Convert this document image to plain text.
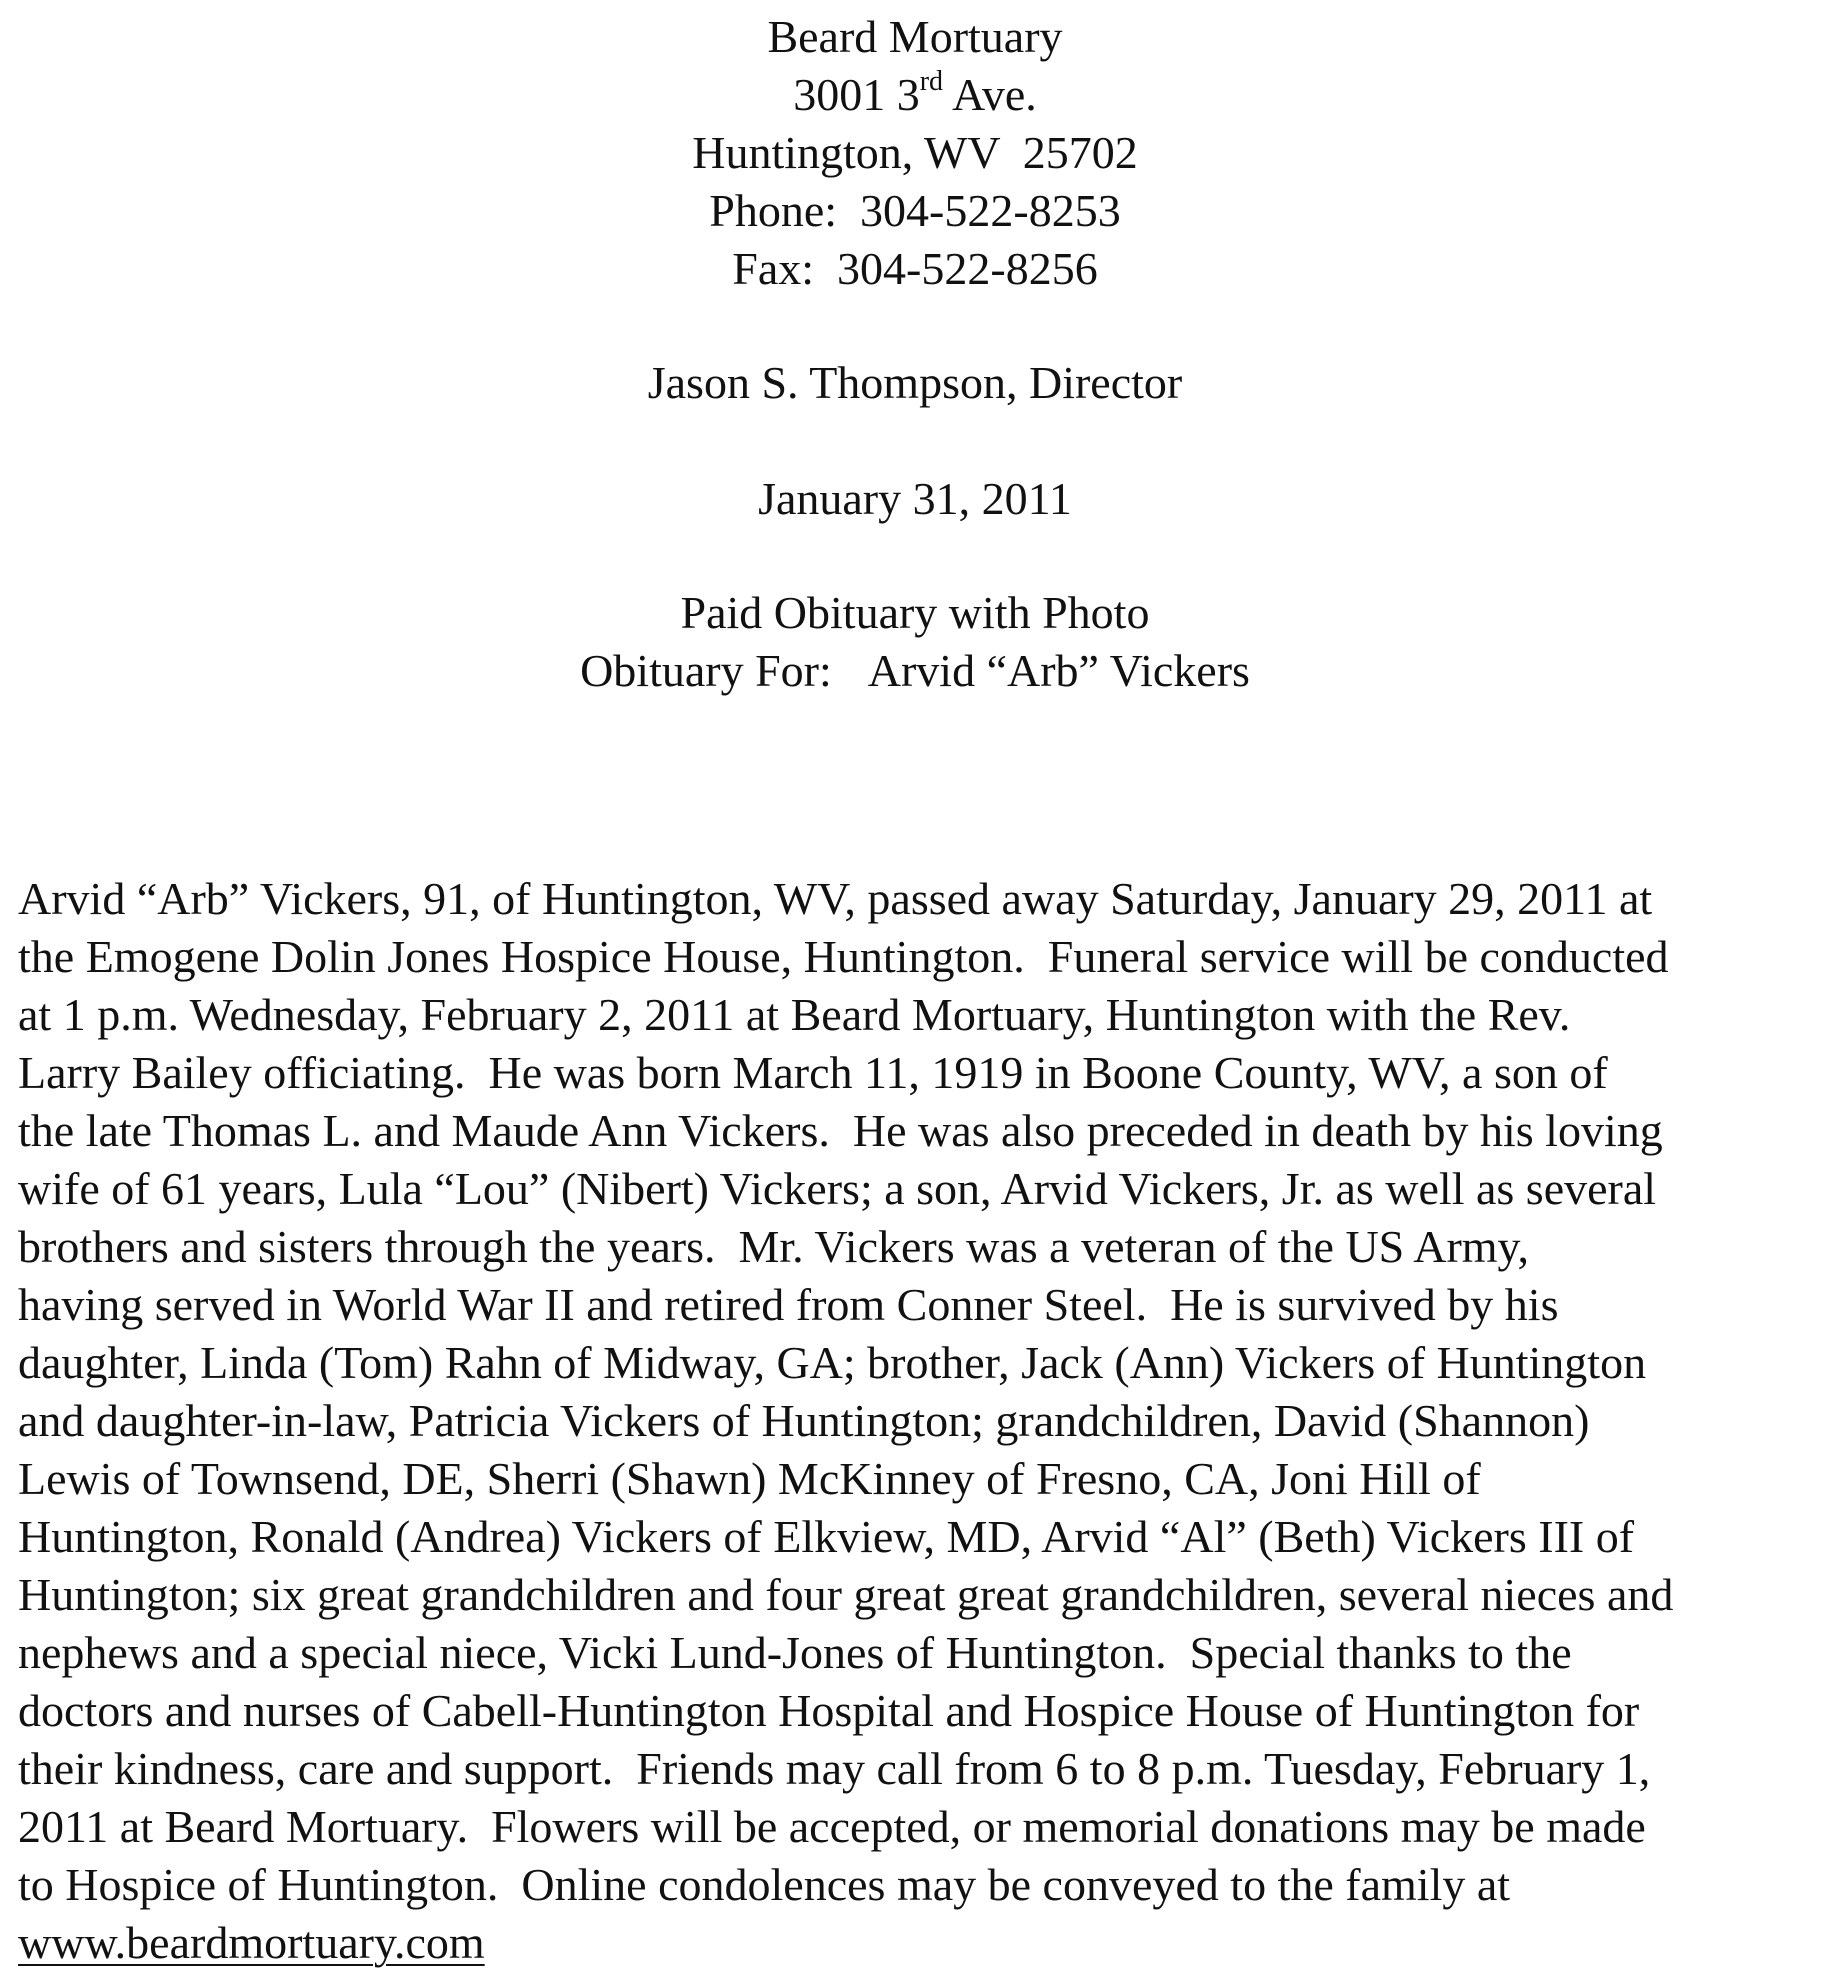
Beard Mortuary
3001 3rd Ave.
Huntington, WV  25702
Phone:  304-522-8253
Fax:  304-522-8256
Jason S. Thompson, Director
January 31, 2011
Paid Obituary with Photo
Obituary For: Arvid “Arb” Vickers
Arvid “Arb” Vickers, 91, of Huntington, WV, passed away Saturday, January 29, 2011 at
the Emogene Dolin Jones Hospice House, Huntington.  Funeral service will be conducted
at 1 p.m. Wednesday, February 2, 2011 at Beard Mortuary, Huntington with the Rev.
Larry Bailey officiating.  He was born March 11, 1919 in Boone County, WV, a son of
the late Thomas L. and Maude Ann Vickers.  He was also preceded in death by his loving
wife of 61 years, Lula “Lou” (Nibert) Vickers; a son, Arvid Vickers, Jr. as well as several
brothers and sisters through the years.  Mr. Vickers was a veteran of the US Army,
having served in World War II and retired from Conner Steel.  He is survived by his
daughter, Linda (Tom) Rahn of Midway, GA; brother, Jack (Ann) Vickers of Huntington
and daughter-in-law, Patricia Vickers of Huntington; grandchildren, David (Shannon)
Lewis of Townsend, DE, Sherri (Shawn) McKinney of Fresno, CA, Joni Hill of
Huntington, Ronald (Andrea) Vickers of Elkview, MD, Arvid “Al” (Beth) Vickers III of
Huntington; six great grandchildren and four great great grandchildren, several nieces and
nephews and a special niece, Vicki Lund-Jones of Huntington.  Special thanks to the
doctors and nurses of Cabell-Huntington Hospital and Hospice House of Huntington for
their kindness, care and support.  Friends may call from 6 to 8 p.m. Tuesday, February 1,
2011 at Beard Mortuary.  Flowers will be accepted, or memorial donations may be made
to Hospice of Huntington.  Online condolences may be conveyed to the family at
www.beardmortuary.com
